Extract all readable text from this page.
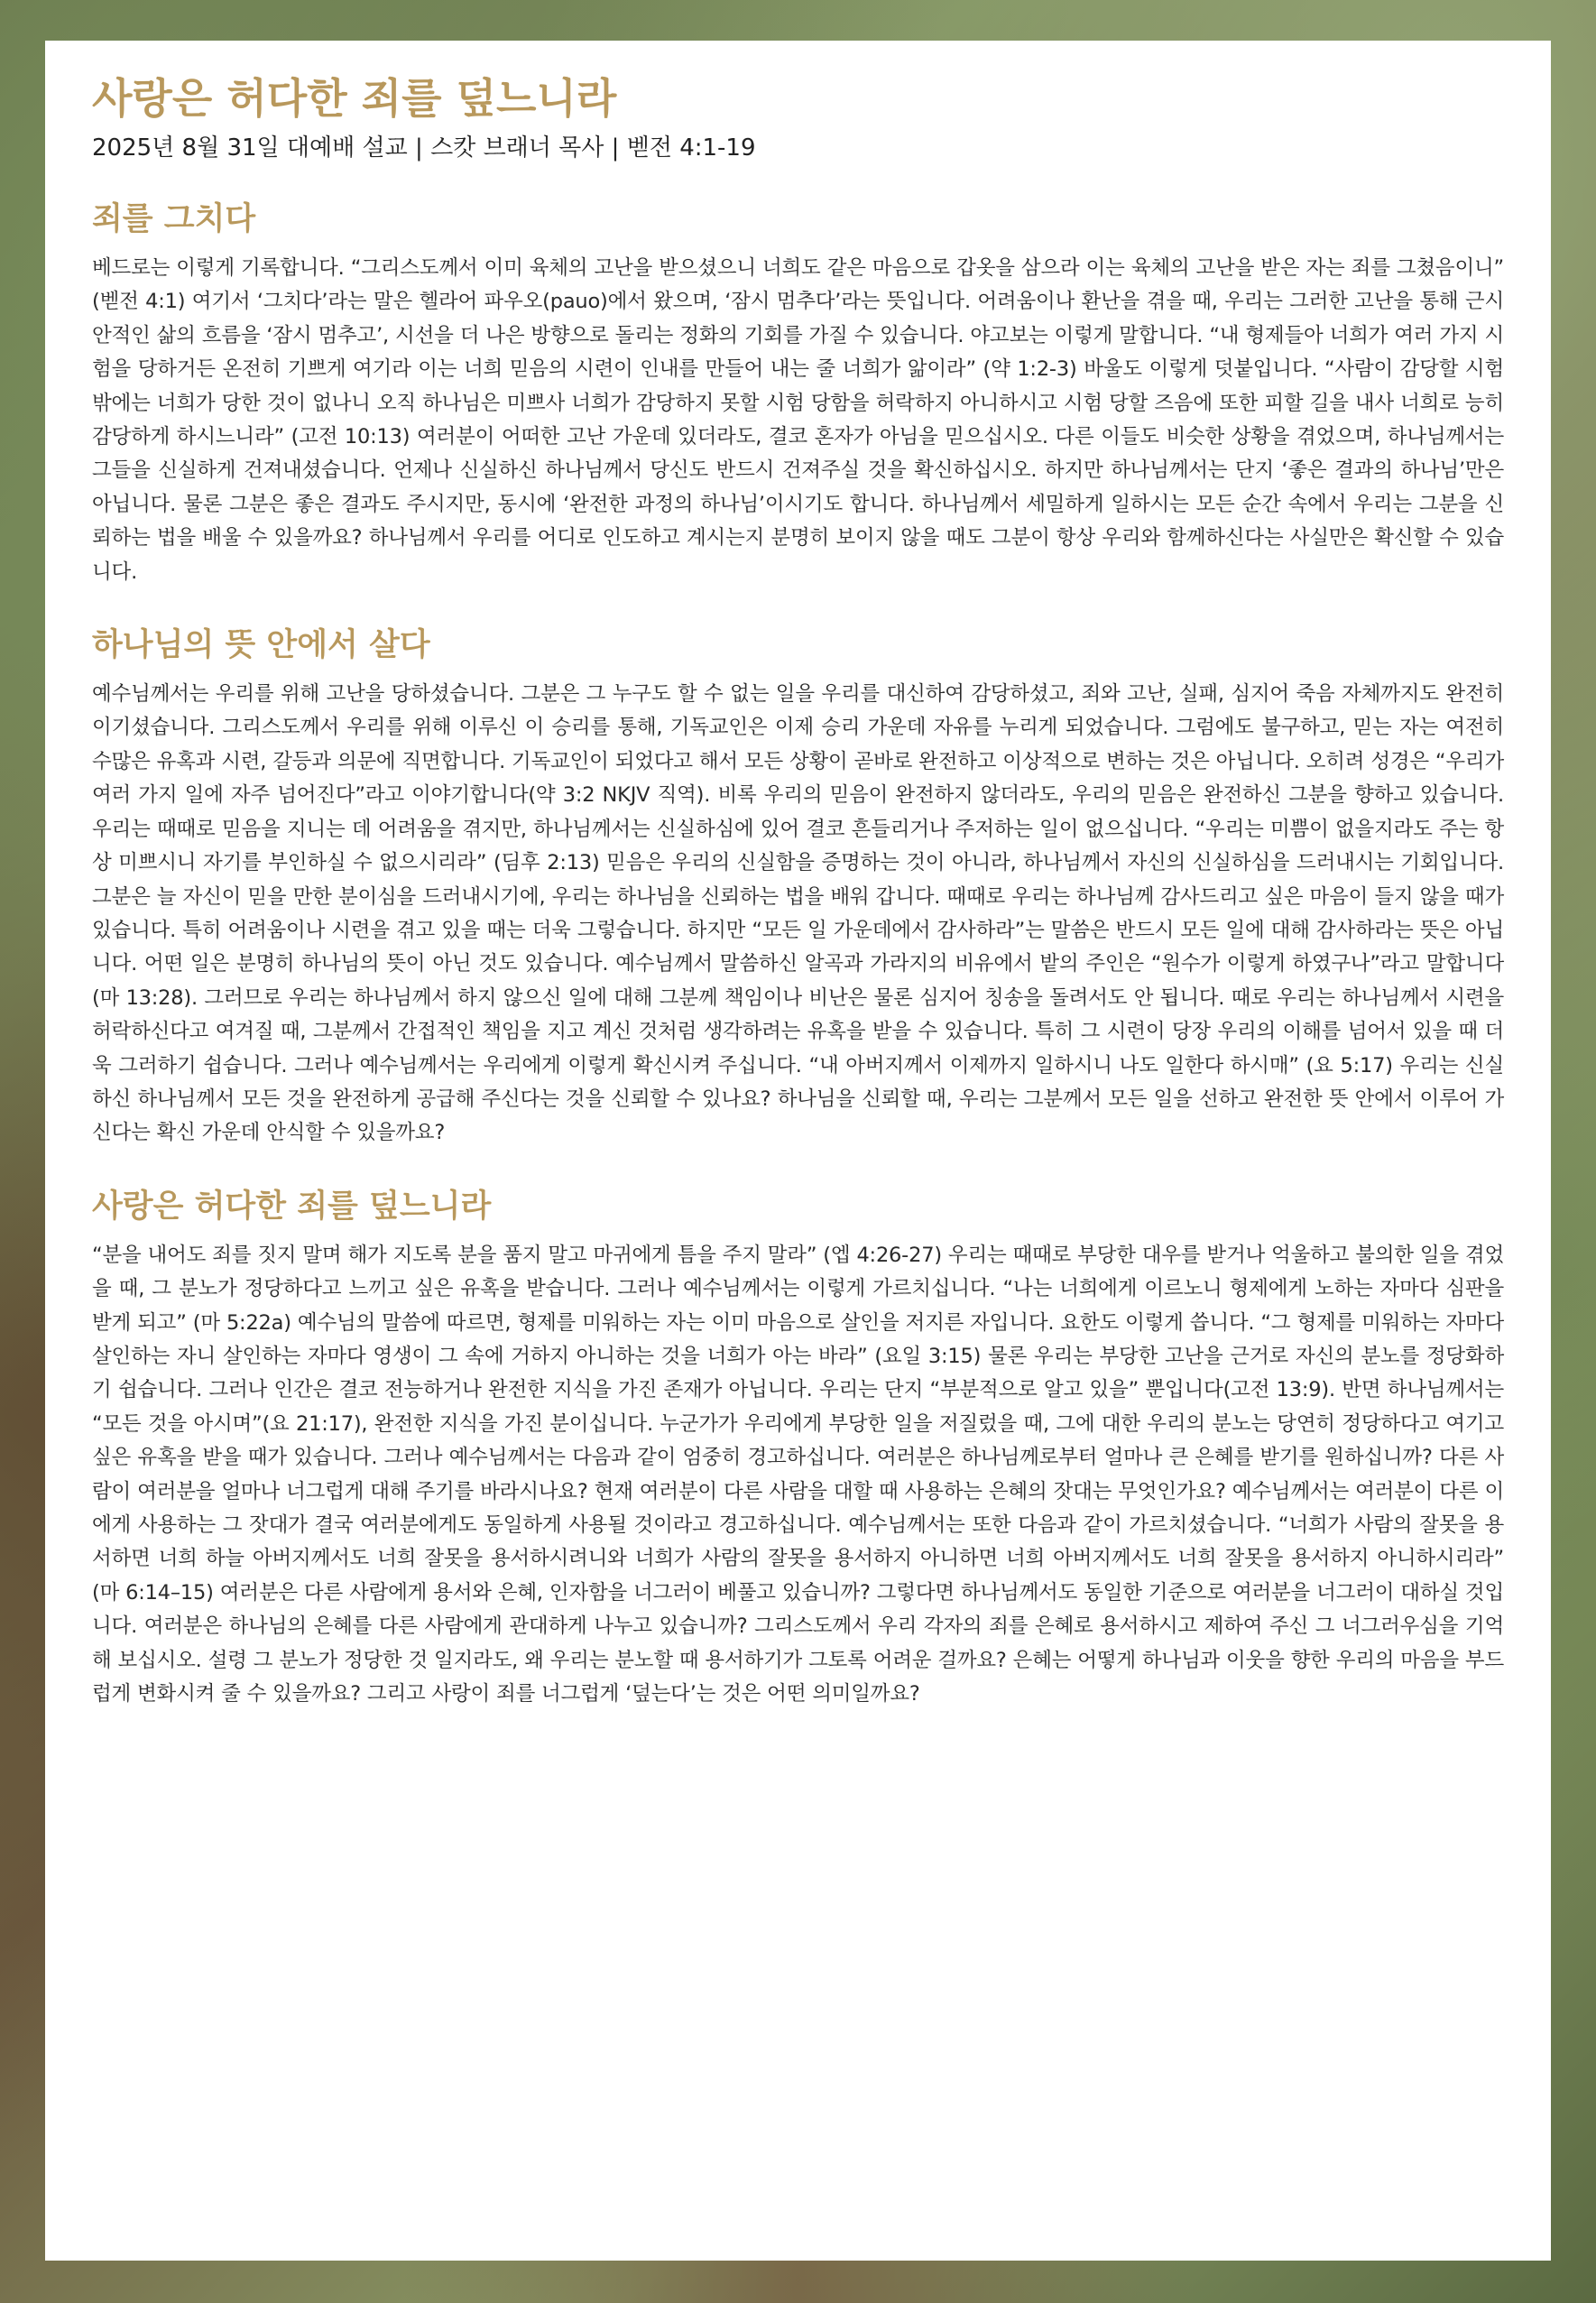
사랑은 허다한 죄를 덮느니라

2025년 8월 31일 대예배 설교 | 스캇 브래너 목사 | 벧전 4:1-19

죄를 그치다

베드로는 이렇게 기록합니다. “그리스도께서 이미 육체의 고난을 받으셨으니 너희도 같은 마음으로 갑옷을 삼으라 이는 육체의 고난을 받은 자는 죄를 그쳤음이니” (벧전 4:1) 여기서 ‘그치다’라는 말은 헬라어 파우오(pauo)에서 왔으며, ‘잠시 멈추다’라는 뜻입니다. 어려움이나 환난을 겪을 때, 우리는 그러한 고난을 통해 근시안적인 삶의 흐름을 ‘잠시 멈추고’, 시선을 더 나은 방향으로 돌리는 정화의 기회를 가질 수 있습니다. 야고보는 이렇게 말합니다. “내 형제들아 너희가 여러 가지 시험을 당하거든 온전히 기쁘게 여기라 이는 너희 믿음의 시련이 인내를 만들어 내는 줄 너희가 앎이라” (약 1:2-3) 바울도 이렇게 덧붙입니다. “사람이 감당할 시험 밖에는 너희가 당한 것이 없나니 오직 하나님은 미쁘사 너희가 감당하지 못할 시험 당함을 허락하지 아니하시고 시험 당할 즈음에 또한 피할 길을 내사 너희로 능히 감당하게 하시느니라” (고전 10:13) 여러분이 어떠한 고난 가운데 있더라도, 결코 혼자가 아님을 믿으십시오. 다른 이들도 비슷한 상황을 겪었으며, 하나님께서는 그들을 신실하게 건져내셨습니다. 언제나 신실하신 하나님께서 당신도 반드시 건져주실 것을 확신하십시오. 하지만 하나님께서는 단지 ‘좋은 결과의 하나님’만은 아닙니다. 물론 그분은 좋은 결과도 주시지만, 동시에 ‘완전한 과정의 하나님’이시기도 합니다. 하나님께서 세밀하게 일하시는 모든 순간 속에서 우리는 그분을 신뢰하는 법을 배울 수 있을까요? 하나님께서 우리를 어디로 인도하고 계시는지 분명히 보이지 않을 때도 그분이 항상 우리와 함께하신다는 사실만은 확신할 수 있습니다.

하나님의 뜻 안에서 살다

예수님께서는 우리를 위해 고난을 당하셨습니다. 그분은 그 누구도 할 수 없는 일을 우리를 대신하여 감당하셨고, 죄와 고난, 실패, 심지어 죽음 자체까지도 완전히 이기셨습니다. 그리스도께서 우리를 위해 이루신 이 승리를 통해, 기독교인은 이제 승리 가운데 자유를 누리게 되었습니다. 그럼에도 불구하고, 믿는 자는 여전히 수많은 유혹과 시련, 갈등과 의문에 직면합니다. 기독교인이 되었다고 해서 모든 상황이 곧바로 완전하고 이상적으로 변하는 것은 아닙니다. 오히려 성경은 “우리가 여러 가지 일에 자주 넘어진다”라고 이야기합니다(약 3:2 NKJV 직역). 비록 우리의 믿음이 완전하지 않더라도, 우리의 믿음은 완전하신 그분을 향하고 있습니다. 우리는 때때로 믿음을 지니는 데 어려움을 겪지만, 하나님께서는 신실하심에 있어 결코 흔들리거나 주저하는 일이 없으십니다. “우리는 미쁨이 없을지라도 주는 항상 미쁘시니 자기를 부인하실 수 없으시리라” (딤후 2:13) 믿음은 우리의 신실함을 증명하는 것이 아니라, 하나님께서 자신의 신실하심을 드러내시는 기회입니다. 그분은 늘 자신이 믿을 만한 분이심을 드러내시기에, 우리는 하나님을 신뢰하는 법을 배워 갑니다. 때때로 우리는 하나님께 감사드리고 싶은 마음이 들지 않을 때가 있습니다. 특히 어려움이나 시련을 겪고 있을 때는 더욱 그렇습니다. 하지만 “모든 일 가운데에서 감사하라”는 말씀은 반드시 모든 일에 대해 감사하라는 뜻은 아닙니다. 어떤 일은 분명히 하나님의 뜻이 아닌 것도 있습니다. 예수님께서 말씀하신 알곡과 가라지의 비유에서 밭의 주인은 “원수가 이렇게 하였구나”라고 말합니다(마 13:28). 그러므로 우리는 하나님께서 하지 않으신 일에 대해 그분께 책임이나 비난은 물론 심지어 칭송을 돌려서도 안 됩니다. 때로 우리는 하나님께서 시련을 허락하신다고 여겨질 때, 그분께서 간접적인 책임을 지고 계신 것처럼 생각하려는 유혹을 받을 수 있습니다. 특히 그 시련이 당장 우리의 이해를 넘어서 있을 때 더욱 그러하기 쉽습니다. 그러나 예수님께서는 우리에게 이렇게 확신시켜 주십니다. “내 아버지께서 이제까지 일하시니 나도 일한다 하시매” (요 5:17) 우리는 신실하신 하나님께서 모든 것을 완전하게 공급해 주신다는 것을 신뢰할 수 있나요? 하나님을 신뢰할 때, 우리는 그분께서 모든 일을 선하고 완전한 뜻 안에서 이루어 가신다는 확신 가운데 안식할 수 있을까요?

사랑은 허다한 죄를 덮느니라

“분을 내어도 죄를 짓지 말며 해가 지도록 분을 품지 말고 마귀에게 틈을 주지 말라” (엡 4:26-27) 우리는 때때로 부당한 대우를 받거나 억울하고 불의한 일을 겪었을 때, 그 분노가 정당하다고 느끼고 싶은 유혹을 받습니다. 그러나 예수님께서는 이렇게 가르치십니다. “나는 너희에게 이르노니 형제에게 노하는 자마다 심판을 받게 되고” (마 5:22a) 예수님의 말씀에 따르면, 형제를 미워하는 자는 이미 마음으로 살인을 저지른 자입니다. 요한도 이렇게 씁니다. “그 형제를 미워하는 자마다 살인하는 자니 살인하는 자마다 영생이 그 속에 거하지 아니하는 것을 너희가 아는 바라” (요일 3:15) 물론 우리는 부당한 고난을 근거로 자신의 분노를 정당화하기 쉽습니다. 그러나 인간은 결코 전능하거나 완전한 지식을 가진 존재가 아닙니다. 우리는 단지 “부분적으로 알고 있을” 뿐입니다(고전 13:9). 반면 하나님께서는 “모든 것을 아시며”(요 21:17), 완전한 지식을 가진 분이십니다. 누군가가 우리에게 부당한 일을 저질렀을 때, 그에 대한 우리의 분노는 당연히 정당하다고 여기고 싶은 유혹을 받을 때가 있습니다. 그러나 예수님께서는 다음과 같이 엄중히 경고하십니다. 여러분은 하나님께로부터 얼마나 큰 은혜를 받기를 원하십니까? 다른 사람이 여러분을 얼마나 너그럽게 대해 주기를 바라시나요? 현재 여러분이 다른 사람을 대할 때 사용하는 은혜의 잣대는 무엇인가요? 예수님께서는 여러분이 다른 이에게 사용하는 그 잣대가 결국 여러분에게도 동일하게 사용될 것이라고 경고하십니다. 예수님께서는 또한 다음과 같이 가르치셨습니다. “너희가 사람의 잘못을 용서하면 너희 하늘 아버지께서도 너희 잘못을 용서하시려니와 너희가 사람의 잘못을 용서하지 아니하면 너희 아버지께서도 너희 잘못을 용서하지 아니하시리라” (마 6:14–15) 여러분은 다른 사람에게 용서와 은혜, 인자함을 너그러이 베풀고 있습니까? 그렇다면 하나님께서도 동일한 기준으로 여러분을 너그러이 대하실 것입니다. 여러분은 하나님의 은혜를 다른 사람에게 관대하게 나누고 있습니까? 그리스도께서 우리 각자의 죄를 은혜로 용서하시고 제하여 주신 그 너그러우심을 기억해 보십시오. 설령 그 분노가 정당한 것 일지라도, 왜 우리는 분노할 때 용서하기가 그토록 어려운 걸까요? 은혜는 어떻게 하나님과 이웃을 향한 우리의 마음을 부드럽게 변화시켜 줄 수 있을까요? 그리고 사랑이 죄를 너그럽게 ‘덮는다’는 것은 어떤 의미일까요?
